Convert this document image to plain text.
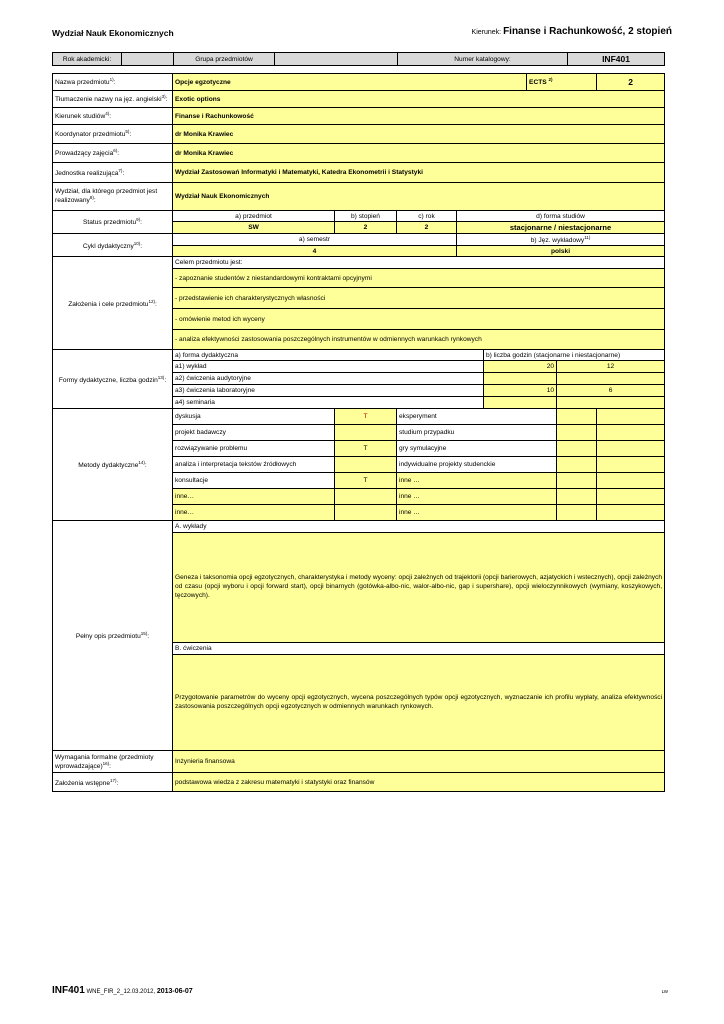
Wydział Nauk Ekonomicznych	Kierunek: Finanse i Rachunkowość, 2 stopień
Rok akademicki:		Grupa przedmiotów		Numer katalogowy:	INF401
Nazwa przedmiotu$^{1)}$:	Opcje egzotyczne					ECTS $^{2)}$		2
Tłumaczenie nazwy na jęz. angielski$^{3)}$:	Exotic options							
Kierunek studiów$^{4)}$:	Finanse i Rachunkowość							
Koordynator przedmiotu$^{5)}$:	dr Monika Krawiec							
Prowadzący zajęcia$^{6)}$:	dr Monika Krawiec							
Jednostka realizująca$^{7)}$:	Wydział Zastosowań Informatyki i Matematyki, Katedra Ekonometrii i Statystyki							
Wydział, dla którego przedmiot jest realizowany$^{8)}$:	Wydział Nauk Ekonomicznych							
Status przedmiotu$^{9)}$:	a) przedmiot	b) stopień	c) rok	d) forma studiów				
	SW	2	2	stacjonarne / niestacjonarne				
Cykl dydaktyczny$^{10)}$:	a) semestr			b) Jęz. wykładowy$^{11)}$
	4			polski				
Założenia i cele przedmiotu$^{12)}$:	Celem przedmiotu jest:							
	- zapoznanie studentów z niestandardowymi kontraktami opcyjnymi							
	- przedstawienie ich charakterystycznych własności							
	- omówienie metod ich wyceny							
	- analiza efektywności zastosowania poszczególnych instrumentów w odmiennych warunkach rynkowych							
Formy dydaktyczne, liczba godzin$^{13)}$:	a) forma dydaktyczna				b) liczba godzin (stacjonarne i niestacjonarne)			
	a1) wykład				20		12	
	a2) ćwiczenia audytoryjne							
	a3) ćwiczenia laboratoryjne				10		6	
	a4) seminaria							
Metody dydaktyczne$^{14)}$:	dyskusja	T	eksperyment					
	projekt badawczy		studium przypadku					
	rozwiązywanie problemu	T	gry symulacyjne					
	analiza i interpretacja tekstów źródłowych		indywidualne projekty studenckie					
	konsultacje	T	inne …					
	inne…		inne …					
	inne…		inne …					
Pełny opis przedmiotu$^{15)}$:	A. wykłady							
	Geneza i taksonomia opcji egzotycznych, charakterystyka i metody wyceny: opcji zależnych od trajektorii (opcji barierowych, azjatyckich i wstecznych), opcji zależnych od czasu (opcji wyboru i opcji forward start), opcji binarnych (gotówka-albo-nic, walor-albo-nic, gap i supershare), opcji wieloczynnikowych (wymiany, koszykowych, tęczowych).							
	B. ćwiczenia							
	Przygotowanie parametrów do wyceny opcji egzotycznych, wycena poszczególnych typów opcji egzotycznych, wyznaczanie ich profilu wypłaty, analiza efektywności zastosowania poszczególnych opcji egzotycznych w odmiennych warunkach rynkowych.							
Wymagania formalne (przedmioty wprowadzające)$^{16)}$:	Inżynieria finansowa							
Założenia wstępne$^{17)}$:	podstawowa wiedza z zakresu matematyki i statystyki oraz finansów							
INF401 WNE_FIR_2_12.03.2012, 2013-06-07	LW
